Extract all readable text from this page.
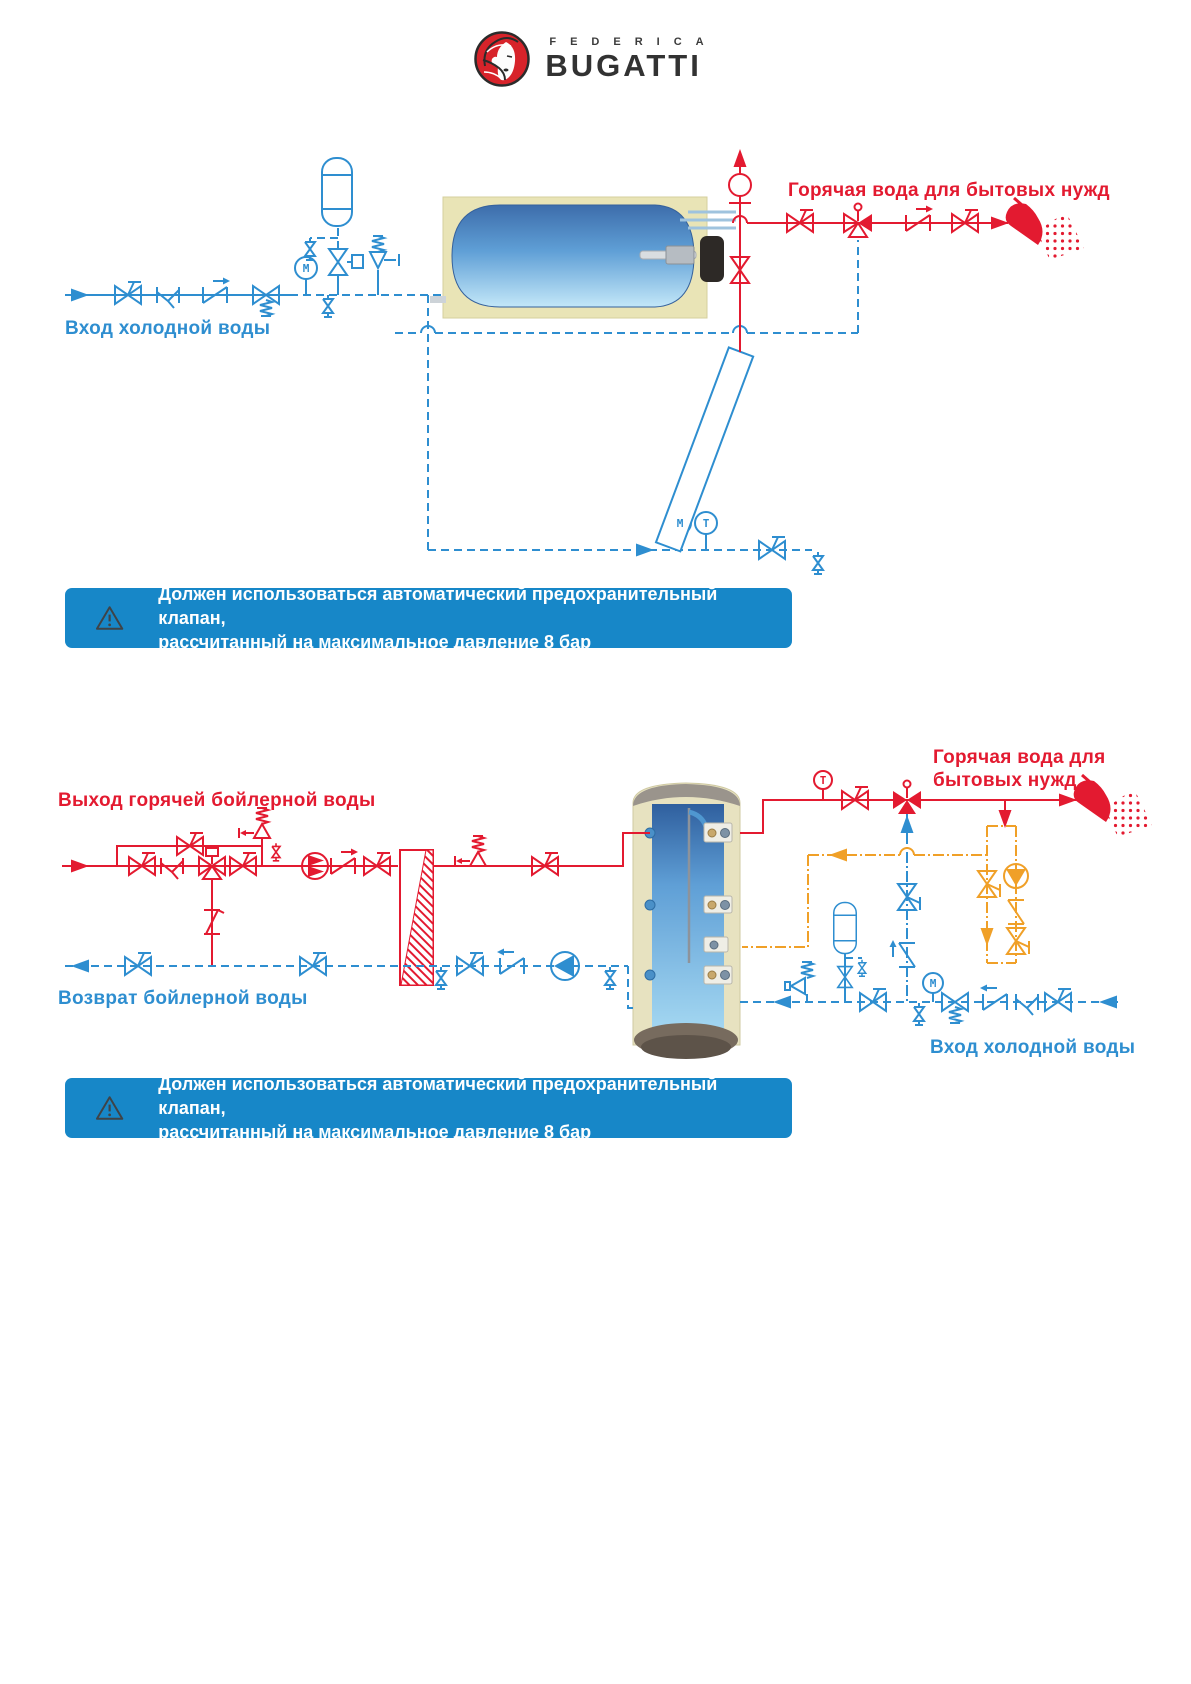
FEDERICA
BUGATTI
Вход холодной воды
Горячая вода для бытовых нужд
M
M T
Выход горячей бойлерной воды
Возврат бойлерной воды
Горячая вода для
бытовых нужд
Вход холодной воды
T
M
Должен использоваться автоматический предохранительный клапан,
рассчитанный на максимальное давление 8 бар
Должен использоваться автоматический предохранительный клапан,
рассчитанный на максимальное давление 8 бар
